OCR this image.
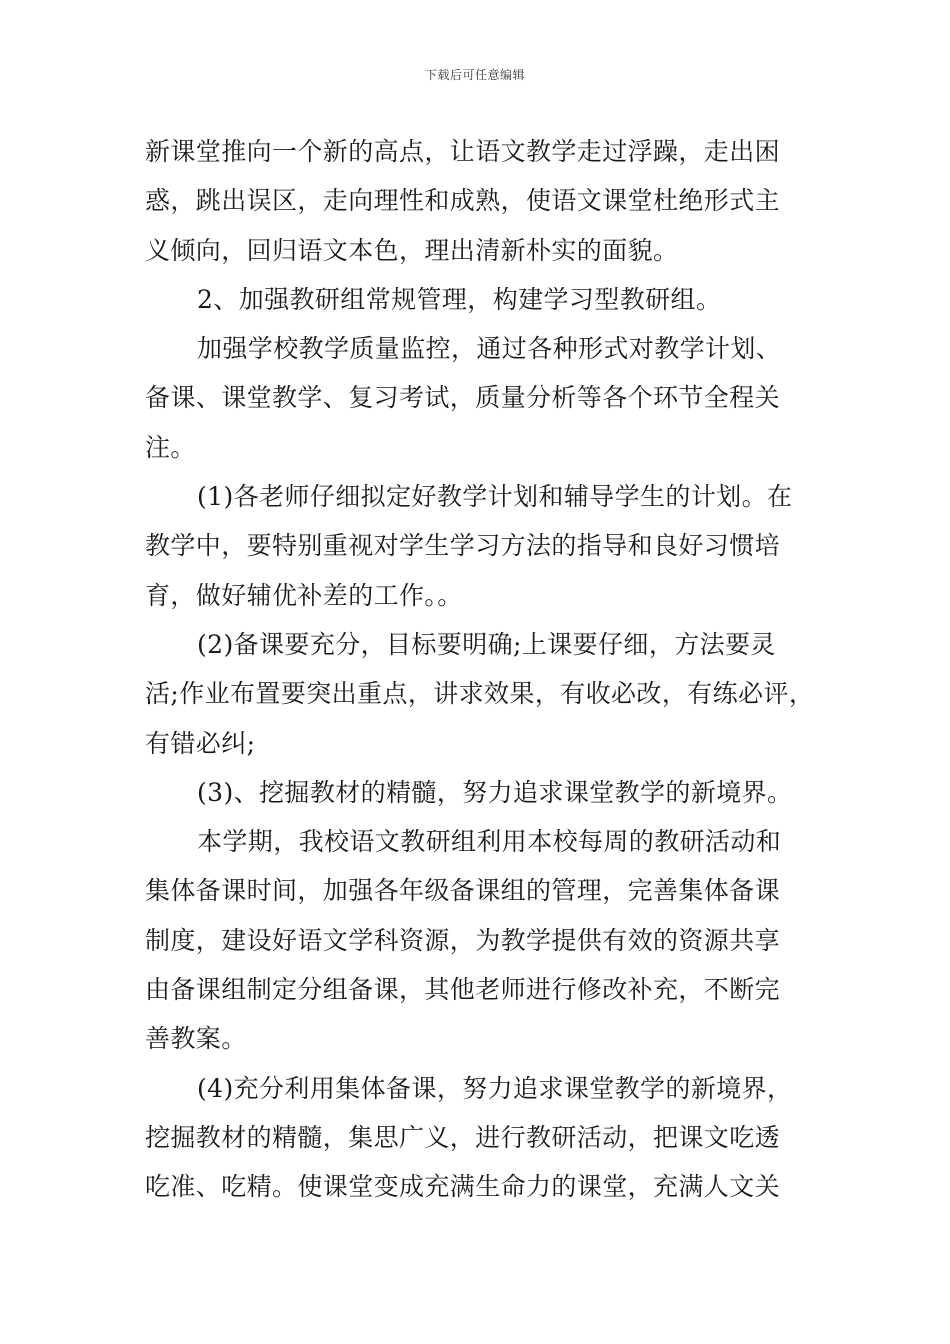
下载后可任意编辑
新课堂推向一个新的高点，让语文教学走过浮躁，走出困
惑，跳出误区，走向理性和成熟，使语文课堂杜绝形式主
义倾向，回归语文本色，理出清新朴实的面貌。
2、加强教研组常规管理，构建学习型教研组。
加强学校教学质量监控，通过各种形式对教学计划、
备课、课堂教学、复习考试，质量分析等各个环节全程关
注。
(1)各老师仔细拟定好教学计划和辅导学生的计划。在
教学中，要特别重视对学生学习方法的指导和良好习惯培
育，做好辅优补差的工作。。
(2)备课要充分，目标要明确;上课要仔细，方法要灵
活;作业布置要突出重点，讲求效果，有收必改，有练必评，
有错必纠;
(3)、挖掘教材的精髓，努力追求课堂教学的新境界。
本学期，我校语文教研组利用本校每周的教研活动和
集体备课时间，加强各年级备课组的管理，完善集体备课
制度，建设好语文学科资源，为教学提供有效的资源共享
由备课组制定分组备课，其他老师进行修改补充，不断完
善教案。
(4)充分利用集体备课，努力追求课堂教学的新境界，
挖掘教材的精髓，集思广义，进行教研活动，把课文吃透
吃准、吃精。使课堂变成充满生命力的课堂，充满人文关
